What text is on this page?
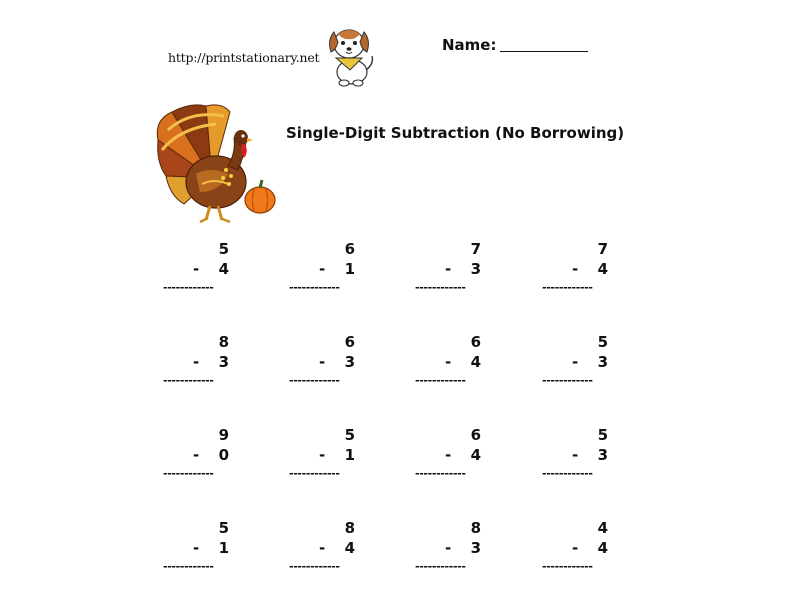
http://printstationary.net
Name:
Single-Digit Subtraction (No Borrowing)
5
-	4
------------
6
-	1
------------
7
-	3
------------
7
-	4
------------
8
-	3
------------
6
-	3
------------
6
-	4
------------
5
-	3
------------
9
-	0
------------
5
-	1
------------
6
-	4
------------
5
-	3
------------
5
-	1
------------
8
-	4
------------
8
-	3
------------
4
-	4
------------
